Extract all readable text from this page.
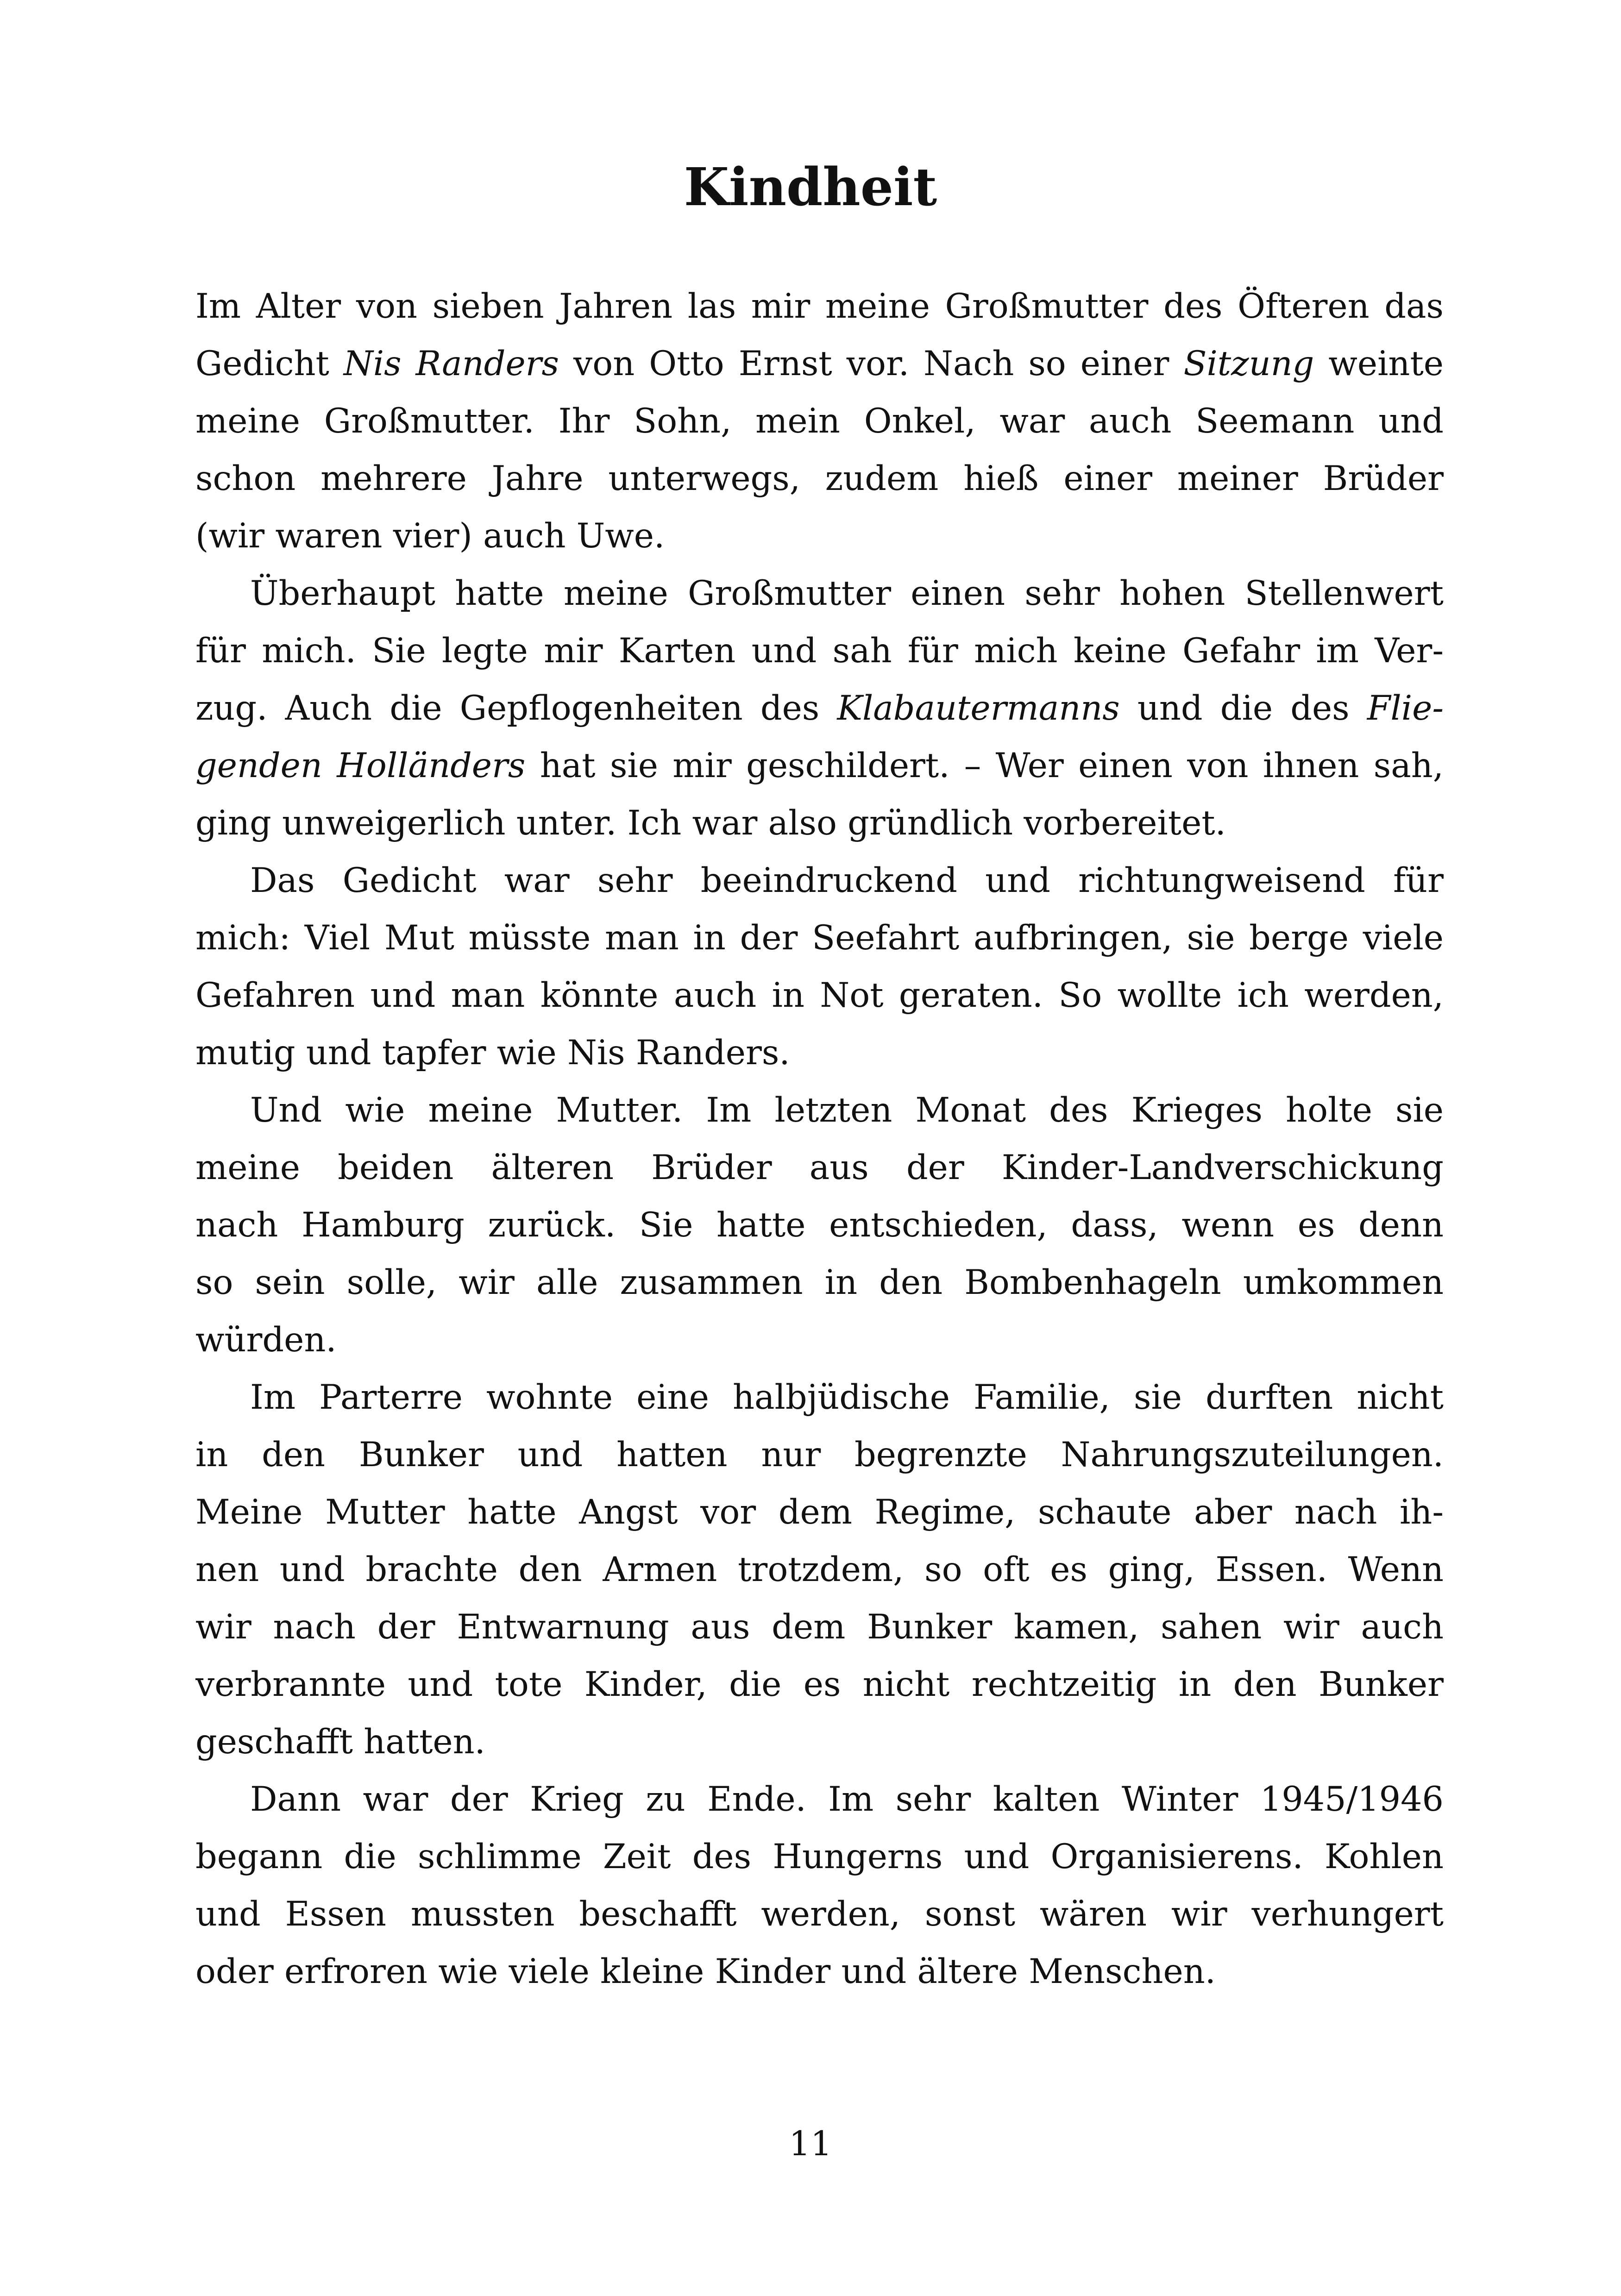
Kindheit
Im Alter von sieben Jahren las mir meine Großmutter des Öfteren das
Gedicht Nis Randers von Otto Ernst vor. Nach so einer Sitzung weinte
meine Großmutter. Ihr Sohn, mein Onkel, war auch Seemann und
schon mehrere Jahre unterwegs, zudem hieß einer meiner Brüder
(wir waren vier) auch Uwe.
Überhaupt hatte meine Großmutter einen sehr hohen Stellenwert
für mich. Sie legte mir Karten und sah für mich keine Gefahr im Ver-
zug. Auch die Gepflogenheiten des Klabautermanns und die des Flie-
genden Holländers hat sie mir geschildert. – Wer einen von ihnen sah,
ging unweigerlich unter. Ich war also gründlich vorbereitet.
Das Gedicht war sehr beeindruckend und richtungweisend für
mich: Viel Mut müsste man in der Seefahrt aufbringen, sie berge viele
Gefahren und man könnte auch in Not geraten. So wollte ich werden,
mutig und tapfer wie Nis Randers.
Und wie meine Mutter. Im letzten Monat des Krieges holte sie
meine beiden älteren Brüder aus der Kinder-Landverschickung
nach Hamburg zurück. Sie hatte entschieden, dass, wenn es denn
so sein solle, wir alle zusammen in den Bombenhageln umkommen
würden.
Im Parterre wohnte eine halbjüdische Familie, sie durften nicht
in den Bunker und hatten nur begrenzte Nahrungszuteilungen.
Meine Mutter hatte Angst vor dem Regime, schaute aber nach ih-
nen und brachte den Armen trotzdem, so oft es ging, Essen. Wenn
wir nach der Entwarnung aus dem Bunker kamen, sahen wir auch
verbrannte und tote Kinder, die es nicht rechtzeitig in den Bunker
geschafft hatten.
Dann war der Krieg zu Ende. Im sehr kalten Winter 1945/1946
begann die schlimme Zeit des Hungerns und Organisierens. Kohlen
und Essen mussten beschafft werden, sonst wären wir verhungert
oder erfroren wie viele kleine Kinder und ältere Menschen.
11
